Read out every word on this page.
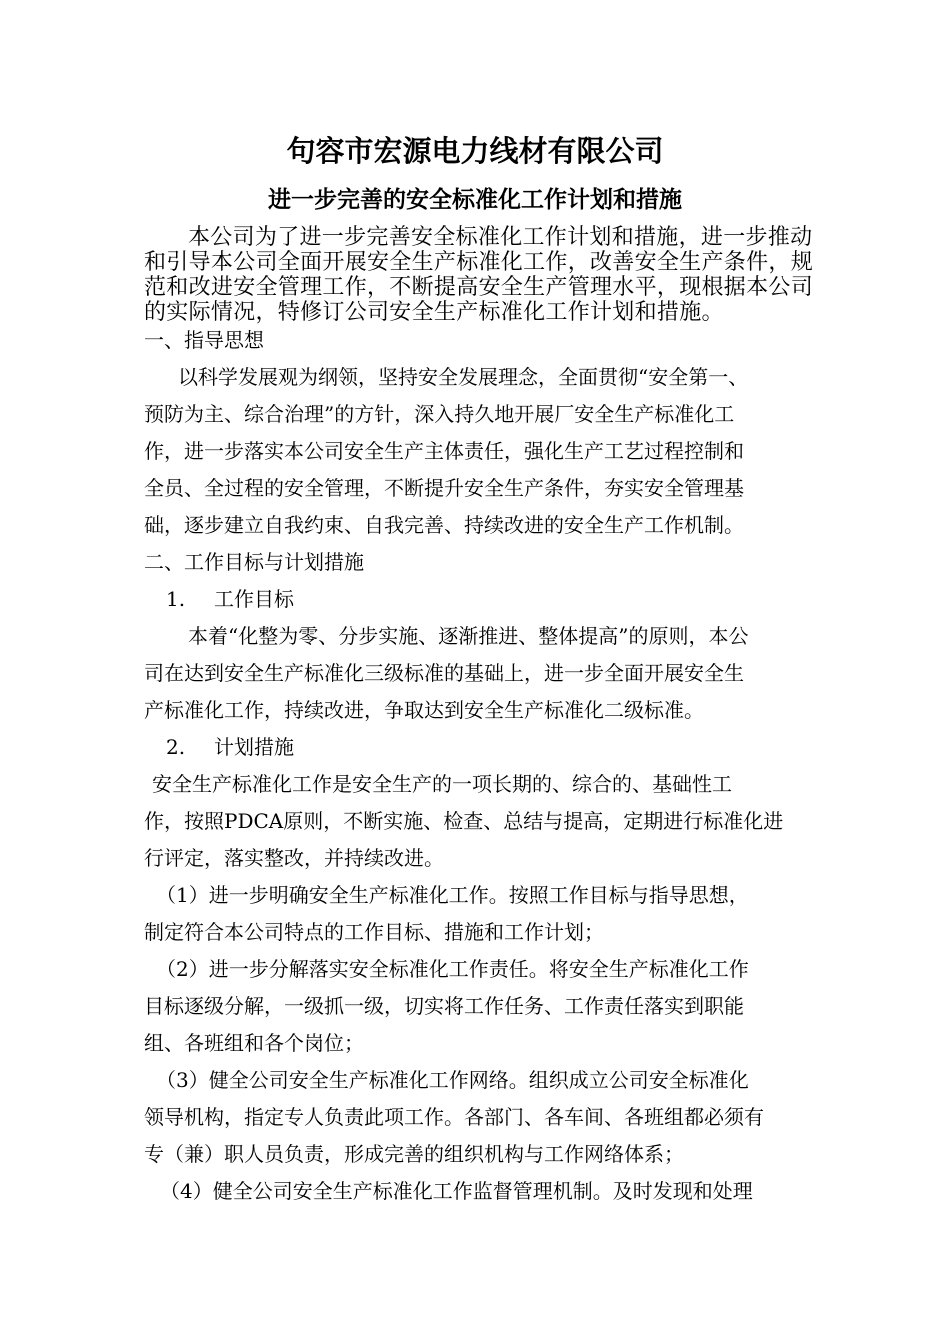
句容市宏源电力线材有限公司
进一步完善的安全标准化工作计划和措施
本公司为了进一步完善安全标准化工作计划和措施，进一步推动
和引导本公司全面开展安全生产标准化工作，改善安全生产条件，规
范和改进安全管理工作，不断提高安全生产管理水平，现根据本公司
的实际情况，特修订公司安全生产标准化工作计划和措施。
一、指导思想
以科学发展观为纲领，坚持安全发展理念，全面贯彻“安全第一、
预防为主、综合治理”的方针，深入持久地开展厂安全生产标准化工
作，进一步落实本公司安全生产主体责任，强化生产工艺过程控制和
全员、全过程的安全管理，不断提升安全生产条件，夯实安全管理基
础，逐步建立自我约束、自我完善、持续改进的安全生产工作机制。
二、工作目标与计划措施
1. 工作目标
本着“化整为零、分步实施、逐渐推进、整体提高”的原则，本公
司在达到安全生产标准化三级标准的基础上，进一步全面开展安全生
产标准化工作，持续改进，争取达到安全生产标准化二级标准。
2. 计划措施
安全生产标准化工作是安全生产的一项长期的、综合的、基础性工
作，按照PDCA原则，不断实施、检查、总结与提高，定期进行标准化进
行评定，落实整改，并持续改进。
（1）进一步明确安全生产标准化工作。按照工作目标与指导思想，
制定符合本公司特点的工作目标、措施和工作计划；
（2）进一步分解落实安全标准化工作责任。将安全生产标准化工作
目标逐级分解，一级抓一级，切实将工作任务、工作责任落实到职能
组、各班组和各个岗位；
（3）健全公司安全生产标准化工作网络。组织成立公司安全标准化
领导机构，指定专人负责此项工作。各部门、各车间、各班组都必须有
专（兼）职人员负责，形成完善的组织机构与工作网络体系；
（4）健全公司安全生产标准化工作监督管理机制。及时发现和处理
